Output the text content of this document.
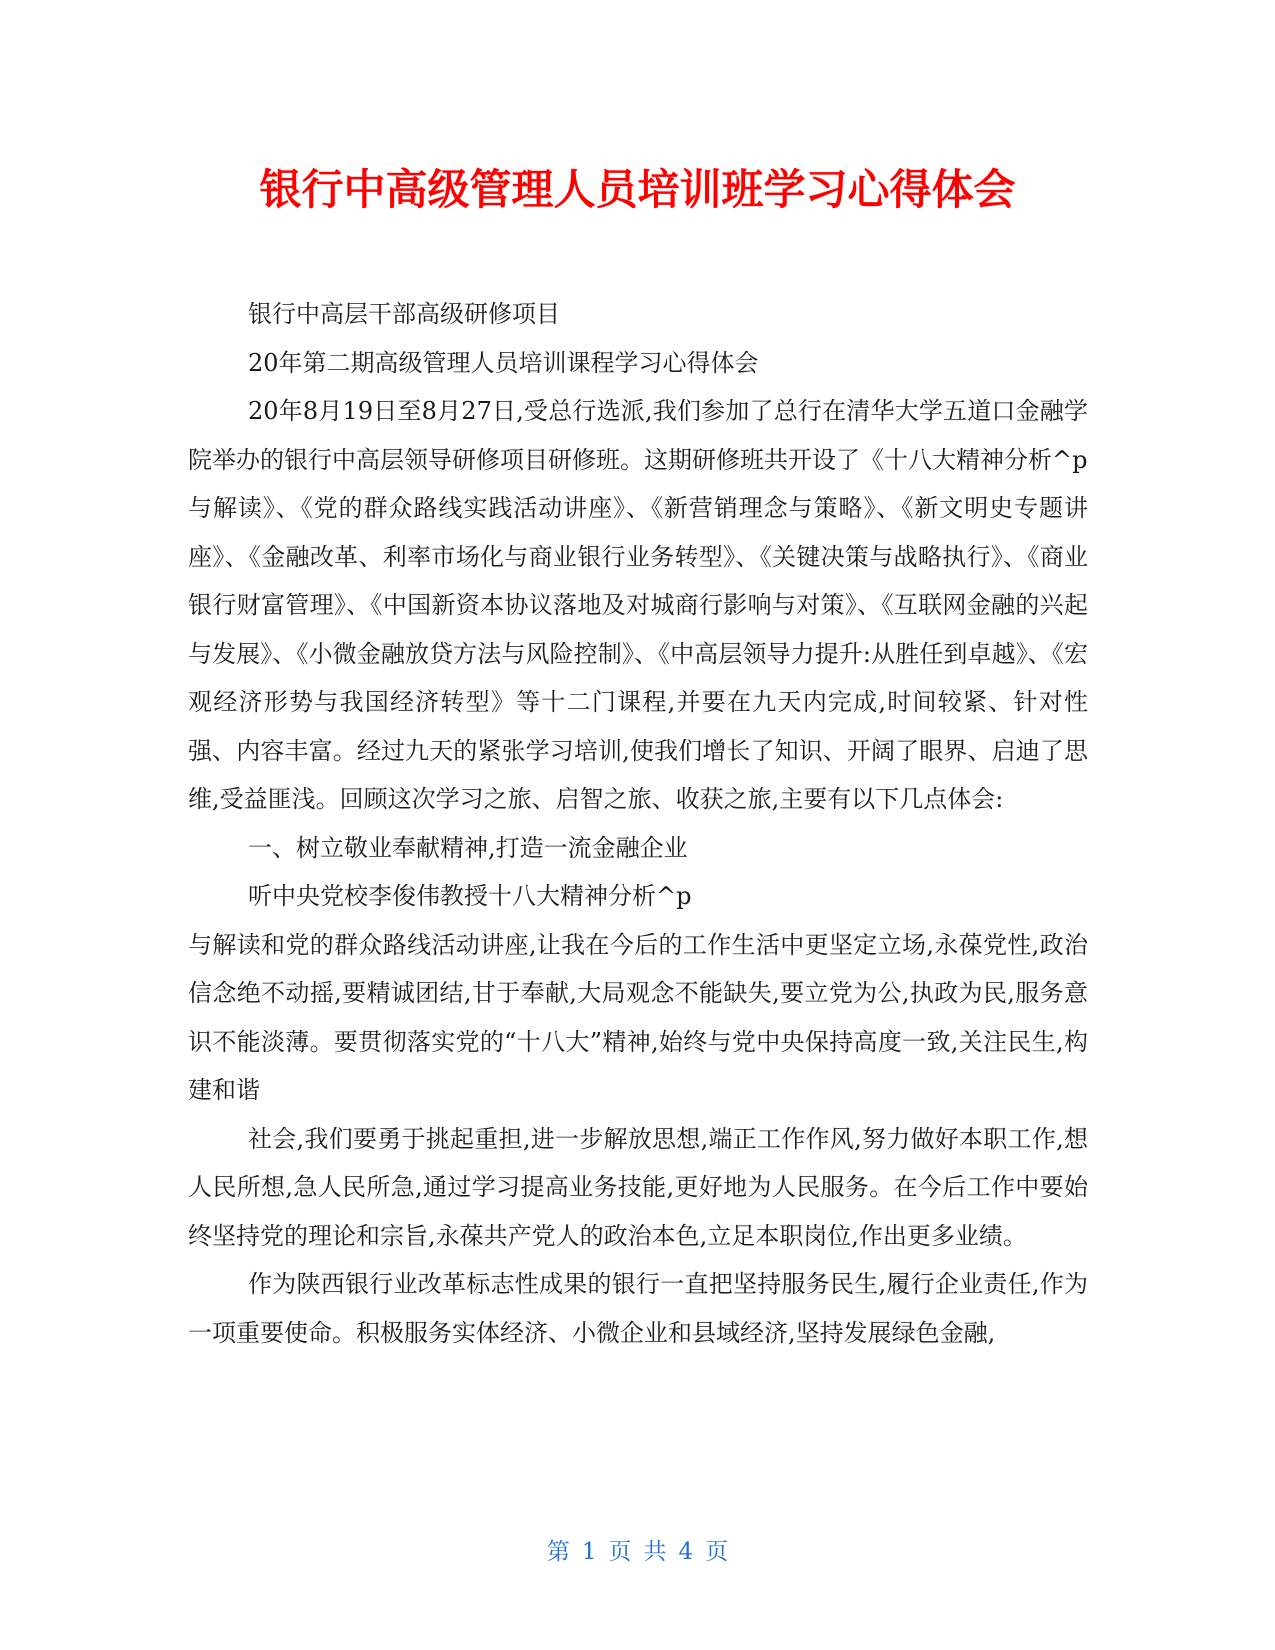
银行中高级管理人员培训班学习心得体会

银行中高层干部高级研修项目

20年第二期高级管理人员培训课程学习心得体会

20年8月19日至8月27日,受总行选派,我们参加了总行在清华大学五道口金融学院举办的银行中高层领导研修项目研修班。这期研修班共开设了《十八大精神分析^p

与解读》、《党的群众路线实践活动讲座》、《新营销理念与策略》、《新文明史专题讲座》、《金融改革、利率市场化与商业银行业务转型》、《关键决策与战略执行》、《商业银行财富管理》、《中国新资本协议落地及对城商行影响与对策》、《互联网金融的兴起与发展》、《小微金融放贷方法与风险控制》、《中高层领导力提升:从胜任到卓越》、《宏观经济形势与我国经济转型》等十二门课程,并要在九天内完成,时间较紧、针对性强、内容丰富。经过九天的紧张学习培训,使我们增长了知识、开阔了眼界、启迪了思维,受益匪浅。回顾这次学习之旅、启智之旅、收获之旅,主要有以下几点体会:

一、树立敬业奉献精神,打造一流金融企业

听中央党校李俊伟教授十八大精神分析^p

与解读和党的群众路线活动讲座,让我在今后的工作生活中更坚定立场,永葆党性,政治信念绝不动摇,要精诚团结,甘于奉献,大局观念不能缺失,要立党为公,执政为民,服务意识不能淡薄。要贯彻落实党的“十八大”精神,始终与党中央保持高度一致,关注民生,构建和谐

社会,我们要勇于挑起重担,进一步解放思想,端正工作作风,努力做好本职工作,想人民所想,急人民所急,通过学习提高业务技能,更好地为人民服务。在今后工作中要始终坚持党的理论和宗旨,永葆共产党人的政治本色,立足本职岗位,作出更多业绩。

作为陕西银行业改革标志性成果的银行一直把坚持服务民生,履行企业责任,作为一项重要使命。积极服务实体经济、小微企业和县域经济,坚持发展绿色金融,

第 1 页 共 4 页
